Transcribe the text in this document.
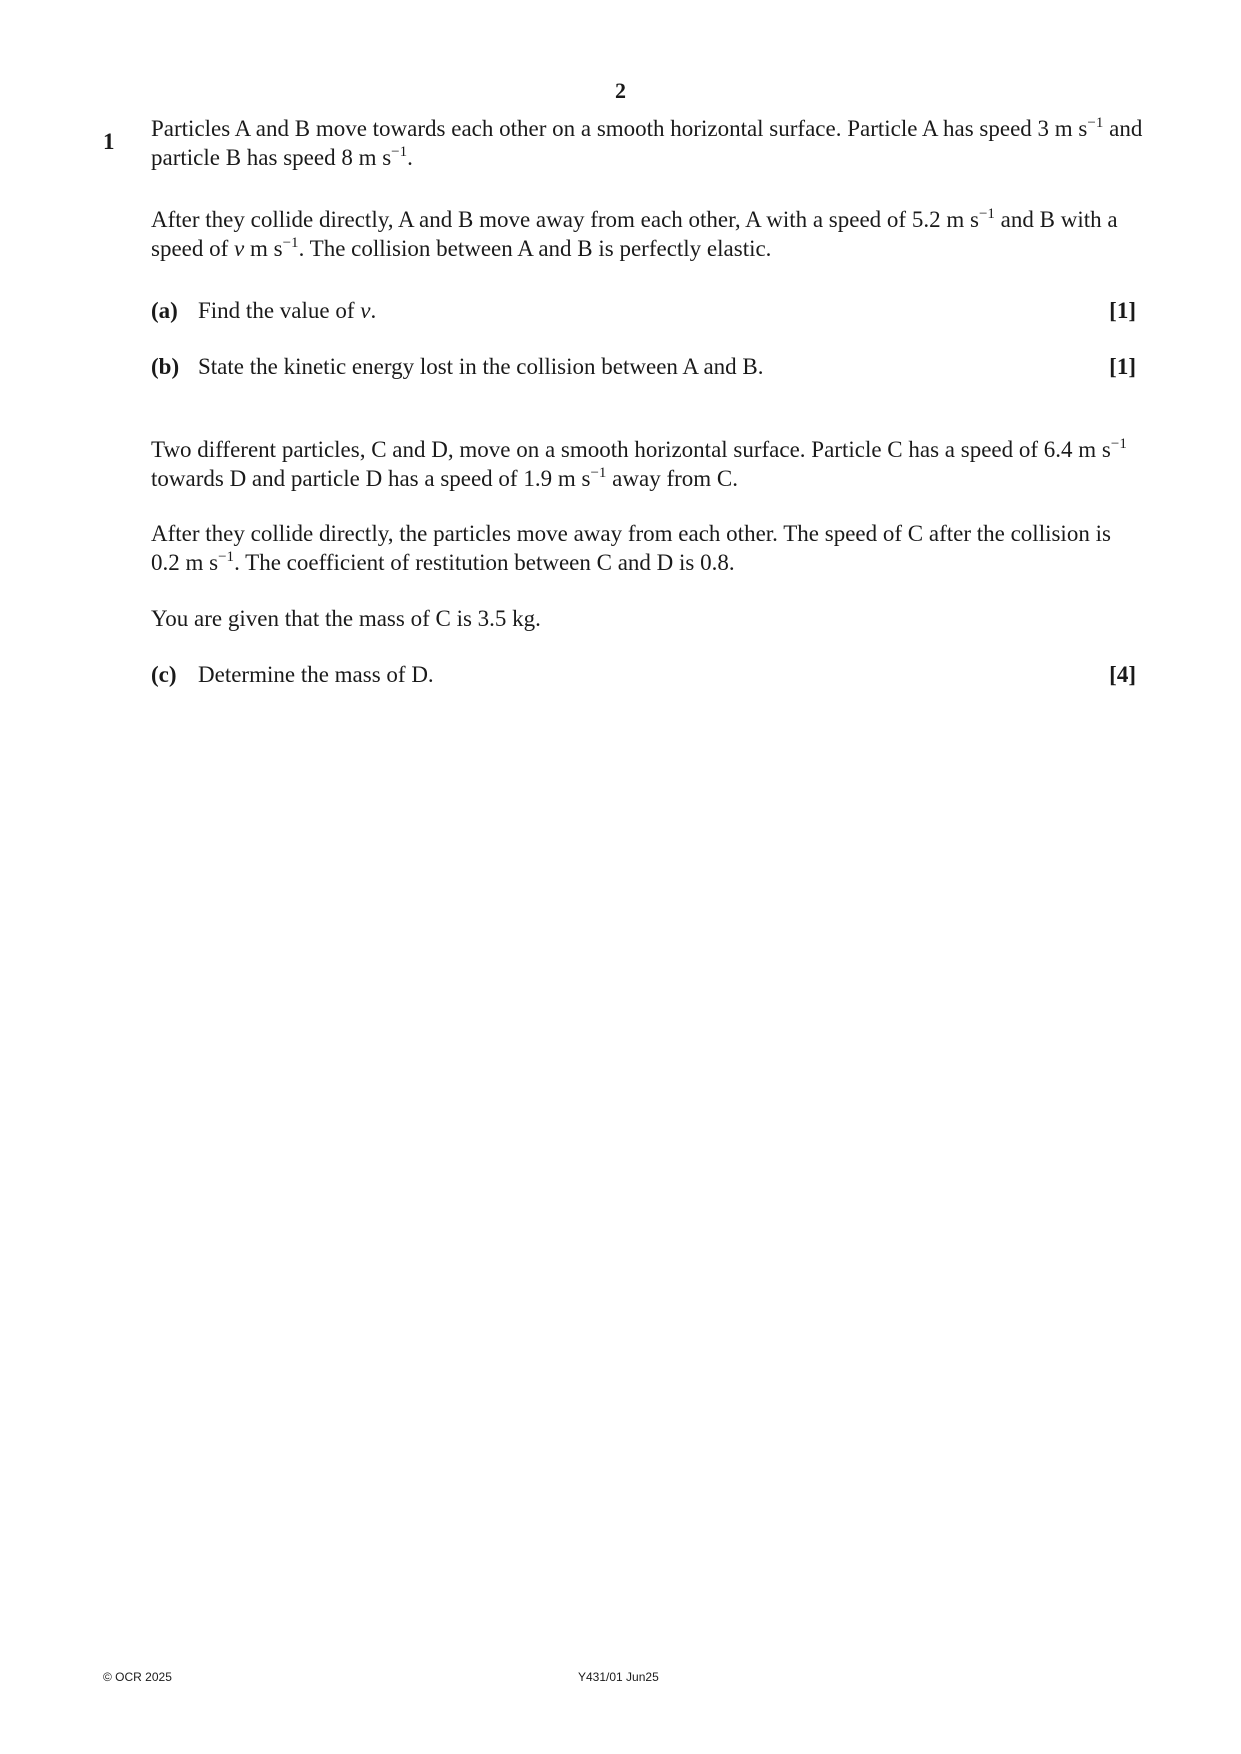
2
1
Particles A and B move towards each other on a smooth horizontal surface. Particle A has speed 3 m $s^{-1}$ and particle B has speed 8 m $s^{-1}$.
After they collide directly, A and B move away from each other, A with a speed of 5.2 m $s^{-1}$ and B with a speed of v m $s^{-1}$. The collision between A and B is perfectly elastic.
(a) Find the value of v.	[1]
(b) State the kinetic energy lost in the collision between A and B.	[1]
Two different particles, C and D, move on a smooth horizontal surface. Particle C has a speed of 6.4 m $s^{-1}$ towards D and particle D has a speed of 1.9 m $s^{-1}$ away from C.
After they collide directly, the particles move away from each other. The speed of C after the collision is 0.2 m $s^{-1}$. The coefficient of restitution between C and D is 0.8.
You are given that the mass of C is 3.5 kg.
(c) Determine the mass of D.	[4]
© OCR 2025	Y431/01 Jun25
